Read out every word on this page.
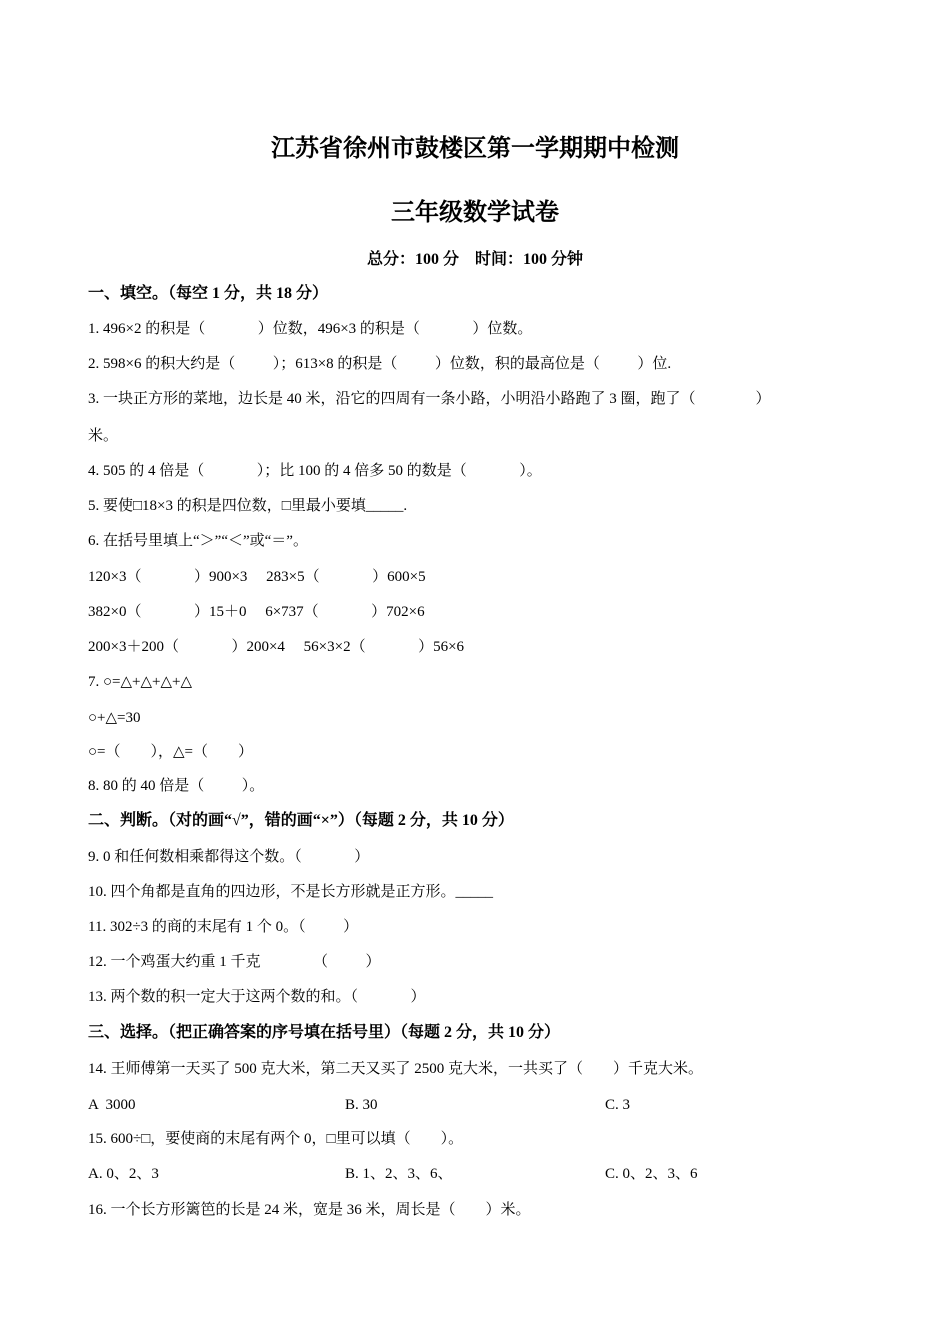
江苏省徐州市鼓楼区第一学期期中检测
三年级数学试卷
总分：100 分    时间：100 分钟
一、填空。（每空 1 分，共 18 分）
1. 496×2 的积是（              ）位数，496×3 的积是（              ）位数。
2. 598×6 的积大约是（          ）；613×8 的积是（          ）位数，积的最高位是（          ）位.
3. 一块正方形的菜地，边长是 40 米，沿它的四周有一条小路，小明沿小路跑了 3 圈，跑了（                ）
米。
4. 505 的 4 倍是（              ）；比 100 的 4 倍多 50 的数是（              ）。
5. 要使□18×3 的积是四位数，□里最小要填_____.
6. 在括号里填上“＞”“＜”或“＝”。
120×3（              ）900×3     283×5（              ）600×5
382×0（              ）15＋0     6×737（              ）702×6
200×3＋200（              ）200×4     56×3×2（              ）56×6
7. ○=△+△+△+△
○+△=30
○=（        ），△=（        ）
8. 80 的 40 倍是（          ）。
二、判断。（对的画“√”，错的画“×”）（每题 2 分，共 10 分）
9. 0 和任何数相乘都得这个数。（              ）
10. 四个角都是直角的四边形，不是长方形就是正方形。_____
11. 302÷3 的商的末尾有 1 个 0。（          ）
12. 一个鸡蛋大约重 1 千克              （          ）
13. 两个数的积一定大于这两个数的和。（              ）
三、选择。（把正确答案的序号填在括号里）（每题 2 分，共 10 分）
14. 王师傅第一天买了 500 克大米，第二天又买了 2500 克大米，一共买了（        ）千克大米。
A  3000	B. 30	C. 3
15. 600÷□，要使商的末尾有两个 0，□里可以填（        ）。
A. 0、2、3	B. 1、2、3、6、	C. 0、2、3、6
16. 一个长方形篱笆的长是 24 米，宽是 36 米，周长是（        ）米。
